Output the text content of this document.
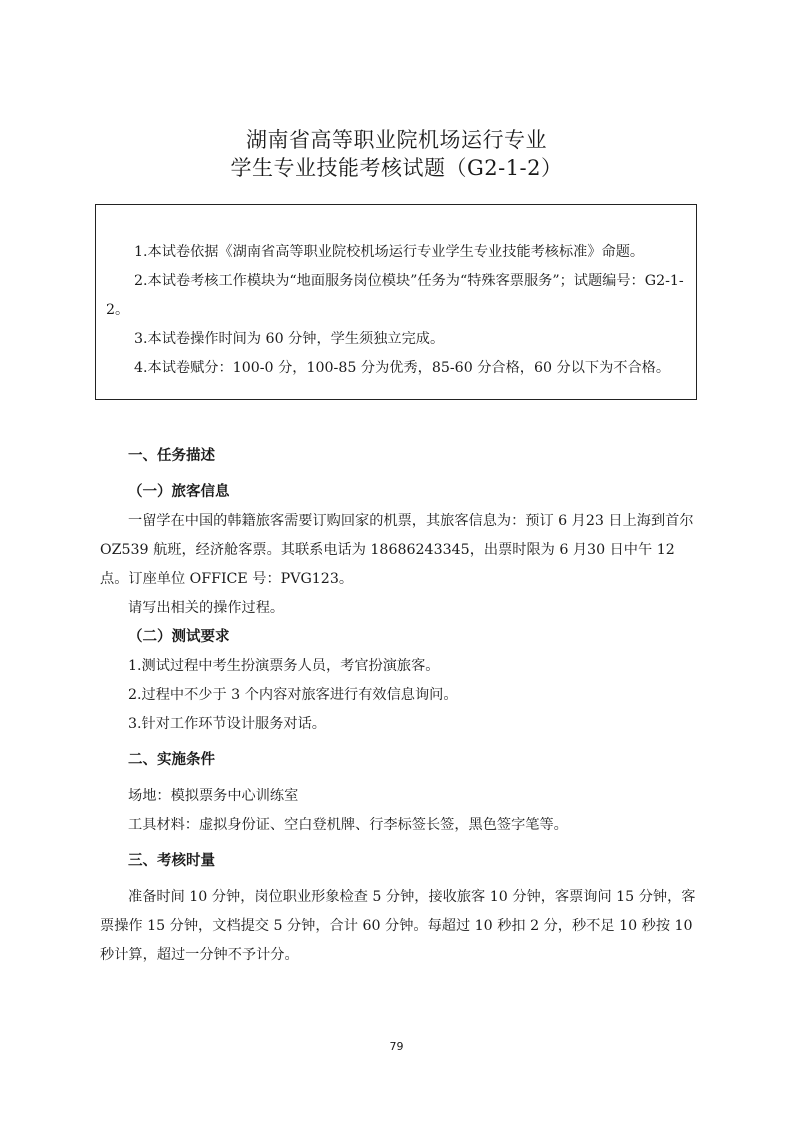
湖南省高等职业院机场运行专业
学生专业技能考核试题（G2-1-2）

1.本试卷依据《湖南省高等职业院校机场运行专业学生专业技能考核标准》命题。

2.本试卷考核工作模块为“地面服务岗位模块”任务为“特殊客票服务”；试题编号：G2-1-2。

3.本试卷操作时间为 60 分钟，学生须独立完成。

4.本试卷赋分：100-0 分，100-85 分为优秀，85-60 分合格，60 分以下为不合格。

一、任务描述

（一）旅客信息

一留学在中国的韩籍旅客需要订购回家的机票，其旅客信息为：预订 6 月23 日上海到首尔 OZ539 航班，经济舱客票。其联系电话为 18686243345，出票时限为 6 月30 日中午 12 点。订座单位 OFFICE 号：PVG123。

请写出相关的操作过程。

（二）测试要求

1.测试过程中考生扮演票务人员，考官扮演旅客。

2.过程中不少于 3 个内容对旅客进行有效信息询问。

3.针对工作环节设计服务对话。

二、实施条件

场地：模拟票务中心训练室

工具材料：虚拟身份证、空白登机牌、行李标签长签，黑色签字笔等。

三、考核时量

准备时间 10 分钟，岗位职业形象检查 5 分钟，接收旅客 10 分钟，客票询问 15 分钟，客票操作 15 分钟，文档提交 5 分钟，合计 60 分钟。每超过 10 秒扣 2 分，秒不足 10 秒按 10 秒计算，超过一分钟不予计分。

79
